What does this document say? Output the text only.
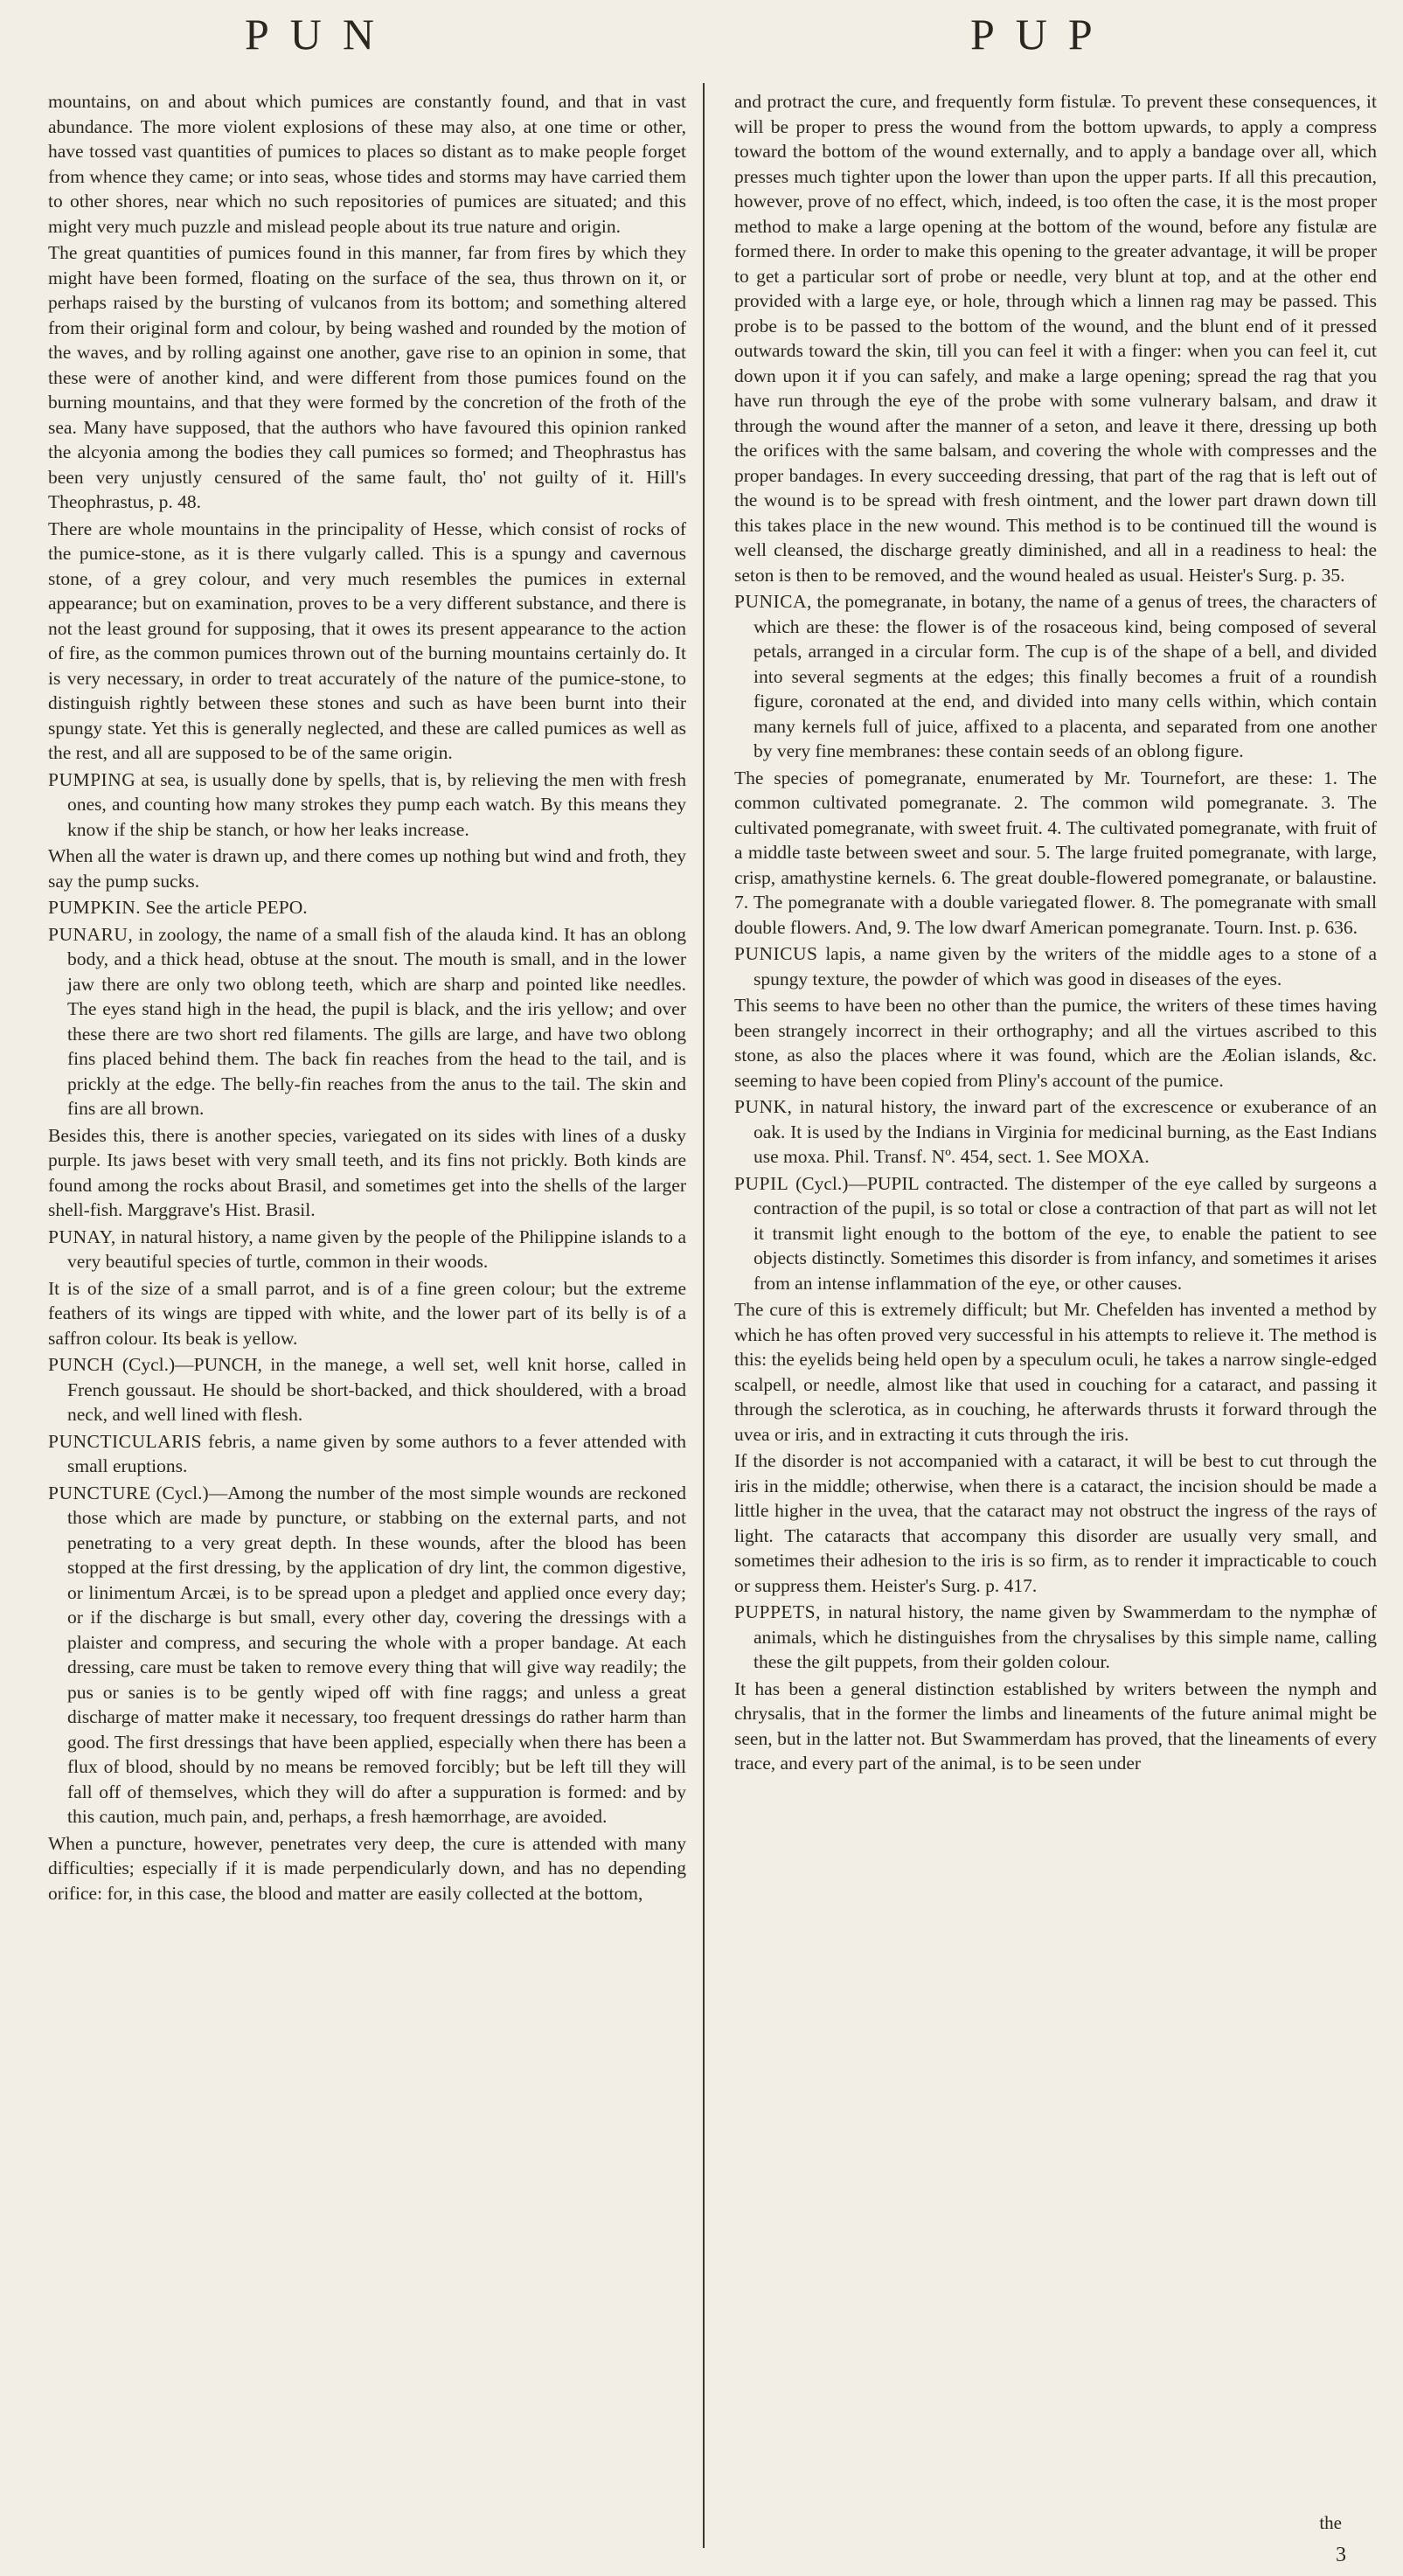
PUN	PUP

mountains, on and about which pumices are constantly found, and that in vast abundance. The more violent explosions of these may also, at one time or other, have tossed vast quantities of pumices to places so distant as to make people forget from whence they came; or into seas, whose tides and storms may have carried them to other shores, near which no such repositories of pumices are situated; and this might very much puzzle and mislead people about its true nature and origin.

The great quantities of pumices found in this manner, far from fires by which they might have been formed, floating on the surface of the sea, thus thrown on it, or perhaps raised by the bursting of vulcanos from its bottom; and something altered from their original form and colour, by being washed and rounded by the motion of the waves, and by rolling against one another, gave rise to an opinion in some, that these were of another kind, and were different from those pumices found on the burning mountains, and that they were formed by the concretion of the froth of the sea. Many have supposed, that the authors who have favoured this opinion ranked the alcyonia among the bodies they call pumices so formed; and Theophrastus has been very unjustly censured of the same fault, tho' not guilty of it. Hill's Theophrastus, p. 48.

There are whole mountains in the principality of Hesse, which consist of rocks of the pumice-stone, as it is there vulgarly called. This is a spungy and cavernous stone, of a grey colour, and very much resembles the pumices in external appearance; but on examination, proves to be a very different substance, and there is not the least ground for supposing, that it owes its present appearance to the action of fire, as the common pumices thrown out of the burning mountains certainly do. It is very necessary, in order to treat accurately of the nature of the pumice-stone, to distinguish rightly between these stones and such as have been burnt into their spungy state. Yet this is generally neglected, and these are called pumices as well as the rest, and all are supposed to be of the same origin.

PUMPING at sea, is usually done by spells, that is, by relieving the men with fresh ones, and counting how many strokes they pump each watch. By this means they know if the ship be stanch, or how her leaks increase.

When all the water is drawn up, and there comes up nothing but wind and froth, they say the pump sucks.

PUMPKIN. See the article PEPO.

PUNARU, in zoology, the name of a small fish of the alauda kind. It has an oblong body, and a thick head, obtuse at the snout. The mouth is small, and in the lower jaw there are only two oblong teeth, which are sharp and pointed like needles. The eyes stand high in the head, the pupil is black, and the iris yellow; and over these there are two short red filaments. The gills are large, and have two oblong fins placed behind them. The back fin reaches from the head to the tail, and is prickly at the edge. The belly-fin reaches from the anus to the tail. The skin and fins are all brown.

Besides this, there is another species, variegated on its sides with lines of a dusky purple. Its jaws beset with very small teeth, and its fins not prickly. Both kinds are found among the rocks about Brasil, and sometimes get into the shells of the larger shell-fish. Marggrave's Hist. Brasil.

PUNAY, in natural history, a name given by the people of the Philippine islands to a very beautiful species of turtle, common in their woods.

It is of the size of a small parrot, and is of a fine green colour; but the extreme feathers of its wings are tipped with white, and the lower part of its belly is of a saffron colour. Its beak is yellow.

PUNCH (Cycl.)—PUNCH, in the manege, a well set, well knit horse, called in French goussaut. He should be short-backed, and thick shouldered, with a broad neck, and well lined with flesh.

PUNCTICULARIS febris, a name given by some authors to a fever attended with small eruptions.

PUNCTURE (Cycl.)—Among the number of the most simple wounds are reckoned those which are made by puncture, or stabbing on the external parts, and not penetrating to a very great depth. In these wounds, after the blood has been stopped at the first dressing, by the application of dry lint, the common digestive, or linimentum Arcæi, is to be spread upon a pledget and applied once every day; or if the discharge is but small, every other day, covering the dressings with a plaister and compress, and securing the whole with a proper bandage. At each dressing, care must be taken to remove every thing that will give way readily; the pus or sanies is to be gently wiped off with fine raggs; and unless a great discharge of matter make it necessary, too frequent dressings do rather harm than good. The first dressings that have been applied, especially when there has been a flux of blood, should by no means be removed forcibly; but be left till they will fall off of themselves, which they will do after a suppuration is formed: and by this caution, much pain, and, perhaps, a fresh hæmorrhage, are avoided.

When a puncture, however, penetrates very deep, the cure is attended with many difficulties; especially if it is made perpendicularly down, and has no depending orifice: for, in this case, the blood and matter are easily collected at the bottom,

and protract the cure, and frequently form fistulæ. To prevent these consequences, it will be proper to press the wound from the bottom upwards, to apply a compress toward the bottom of the wound externally, and to apply a bandage over all, which presses much tighter upon the lower than upon the upper parts. If all this precaution, however, prove of no effect, which, indeed, is too often the case, it is the most proper method to make a large opening at the bottom of the wound, before any fistulæ are formed there. In order to make this opening to the greater advantage, it will be proper to get a particular sort of probe or needle, very blunt at top, and at the other end provided with a large eye, or hole, through which a linnen rag may be passed. This probe is to be passed to the bottom of the wound, and the blunt end of it pressed outwards toward the skin, till you can feel it with a finger: when you can feel it, cut down upon it if you can safely, and make a large opening; spread the rag that you have run through the eye of the probe with some vulnerary balsam, and draw it through the wound after the manner of a seton, and leave it there, dressing up both the orifices with the same balsam, and covering the whole with compresses and the proper bandages. In every succeeding dressing, that part of the rag that is left out of the wound is to be spread with fresh ointment, and the lower part drawn down till this takes place in the new wound. This method is to be continued till the wound is well cleansed, the discharge greatly diminished, and all in a readiness to heal: the seton is then to be removed, and the wound healed as usual. Heister's Surg. p. 35.

PUNICA, the pomegranate, in botany, the name of a genus of trees, the characters of which are these: the flower is of the rosaceous kind, being composed of several petals, arranged in a circular form. The cup is of the shape of a bell, and divided into several segments at the edges; this finally becomes a fruit of a roundish figure, coronated at the end, and divided into many cells within, which contain many kernels full of juice, affixed to a placenta, and separated from one another by very fine membranes: these contain seeds of an oblong figure.

The species of pomegranate, enumerated by Mr. Tournefort, are these: 1. The common cultivated pomegranate. 2. The common wild pomegranate. 3. The cultivated pomegranate, with sweet fruit. 4. The cultivated pomegranate, with fruit of a middle taste between sweet and sour. 5. The large fruited pomegranate, with large, crisp, amathystine kernels. 6. The great double-flowered pomegranate, or balaustine. 7. The pomegranate with a double variegated flower. 8. The pomegranate with small double flowers. And, 9. The low dwarf American pomegranate. Tourn. Inst. p. 636.

PUNICUS lapis, a name given by the writers of the middle ages to a stone of a spungy texture, the powder of which was good in diseases of the eyes.

This seems to have been no other than the pumice, the writers of these times having been strangely incorrect in their orthography; and all the virtues ascribed to this stone, as also the places where it was found, which are the Æolian islands, &c. seeming to have been copied from Pliny's account of the pumice.

PUNK, in natural history, the inward part of the excrescence or exuberance of an oak. It is used by the Indians in Virginia for medicinal burning, as the East Indians use moxa. Phil. Transf. Nº. 454, sect. 1. See MOXA.

PUPIL (Cycl.)—PUPIL contracted. The distemper of the eye called by surgeons a contraction of the pupil, is so total or close a contraction of that part as will not let it transmit light enough to the bottom of the eye, to enable the patient to see objects distinctly. Sometimes this disorder is from infancy, and sometimes it arises from an intense inflammation of the eye, or other causes.

The cure of this is extremely difficult; but Mr. Chefelden has invented a method by which he has often proved very successful in his attempts to relieve it. The method is this: the eyelids being held open by a speculum oculi, he takes a narrow single-edged scalpell, or needle, almost like that used in couching for a cataract, and passing it through the sclerotica, as in couching, he afterwards thrusts it forward through the uvea or iris, and in extracting it cuts through the iris.

If the disorder is not accompanied with a cataract, it will be best to cut through the iris in the middle; otherwise, when there is a cataract, the incision should be made a little higher in the uvea, that the cataract may not obstruct the ingress of the rays of light. The cataracts that accompany this disorder are usually very small, and sometimes their adhesion to the iris is so firm, as to render it impracticable to couch or suppress them. Heister's Surg. p. 417.

PUPPETS, in natural history, the name given by Swammerdam to the nymphæ of animals, which he distinguishes from the chrysalises by this simple name, calling these the gilt puppets, from their golden colour.

It has been a general distinction established by writers between the nymph and chrysalis, that in the former the limbs and lineaments of the future animal might be seen, but in the latter not. But Swammerdam has proved, that the lineaments of every trace, and every part of the animal, is to be seen under

the
3
